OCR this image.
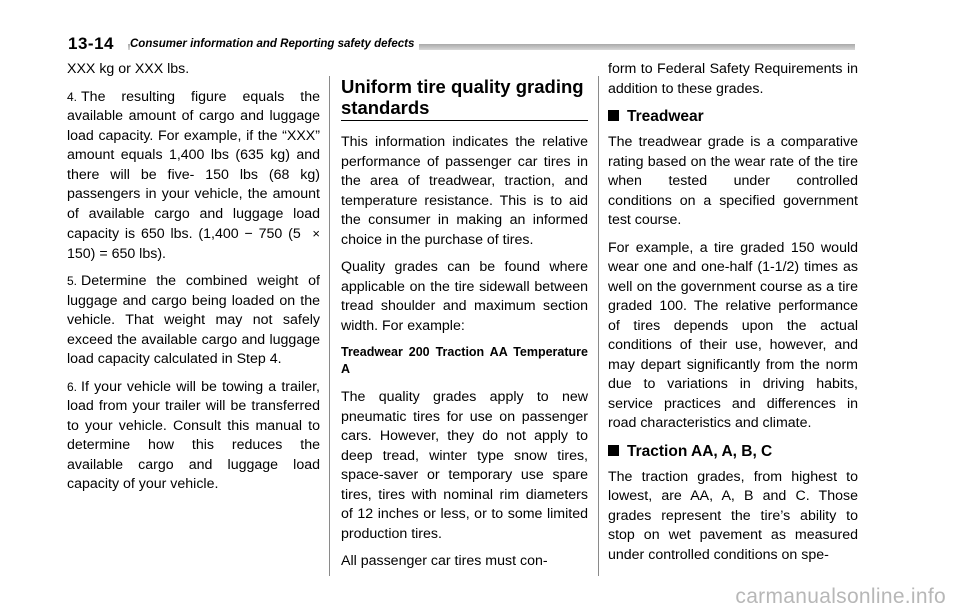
13-14 Consumer information and Reporting safety defects

XXX kg or XXX lbs.

4. The resulting figure equals the available amount of cargo and luggage load capacity. For example, if the “XXX” amount equals 1,400 lbs (635 kg) and there will be five- 150 lbs (68 kg) passengers in your vehicle, the amount of available cargo and luggage load capacity is 650 lbs. (1,400 − 750 (5 × 150) = 650 lbs).

5. Determine the combined weight of luggage and cargo being loaded on the vehicle. That weight may not safely exceed the available cargo and luggage load capacity calculated in Step 4.

6. If your vehicle will be towing a trailer, load from your trailer will be transferred to your vehicle. Consult this manual to determine how this reduces the available cargo and luggage load capacity of your vehicle.

Uniform tire quality grading standards

This information indicates the relative performance of passenger car tires in the area of treadwear, traction, and temperature resistance. This is to aid the consumer in making an informed choice in the purchase of tires.

Quality grades can be found where applicable on the tire sidewall between tread shoulder and maximum section width. For example:

Treadwear 200 Traction AA Temperature A

The quality grades apply to new pneumatic tires for use on passenger cars. However, they do not apply to deep tread, winter type snow tires, space-saver or temporary use spare tires, tires with nominal rim diameters of 12 inches or less, or to some limited production tires.

All passenger car tires must con-

form to Federal Safety Requirements in addition to these grades.

Treadwear

The treadwear grade is a comparative rating based on the wear rate of the tire when tested under controlled conditions on a specified government test course.

For example, a tire graded 150 would wear one and one-half (1-1/2) times as well on the government course as a tire graded 100. The relative performance of tires depends upon the actual conditions of their use, however, and may depart significantly from the norm due to variations in driving habits, service practices and differences in road characteristics and climate.

Traction AA, A, B, C

The traction grades, from highest to lowest, are AA, A, B and C. Those grades represent the tire’s ability to stop on wet pavement as measured under controlled conditions on spe-

carmanualsonline.info
